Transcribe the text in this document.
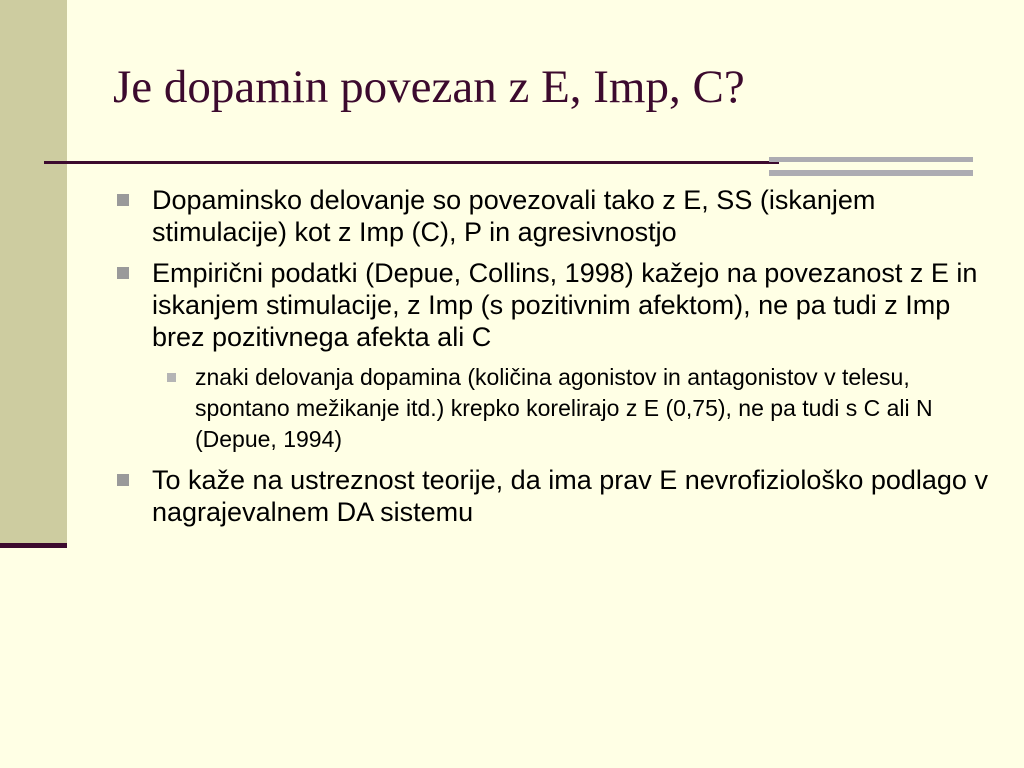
Je dopamin povezan z E, Imp, C?
Dopaminsko delovanje so povezovali tako z E, SS (iskanjem stimulacije) kot z Imp (C), P in agresivnostjo
Empirični podatki (Depue, Collins, 1998) kažejo na povezanost z E in iskanjem stimulacije, z Imp (s pozitivnim afektom), ne pa tudi z Imp brez pozitivnega afekta ali C
znaki delovanja dopamina (količina agonistov in antagonistov v telesu, spontano mežikanje itd.) krepko korelirajo z E (0,75), ne pa tudi s C ali N (Depue, 1994)
To kaže na ustreznost teorije, da ima prav E nevrofiziološko podlago v nagrajevalnem DA sistemu
